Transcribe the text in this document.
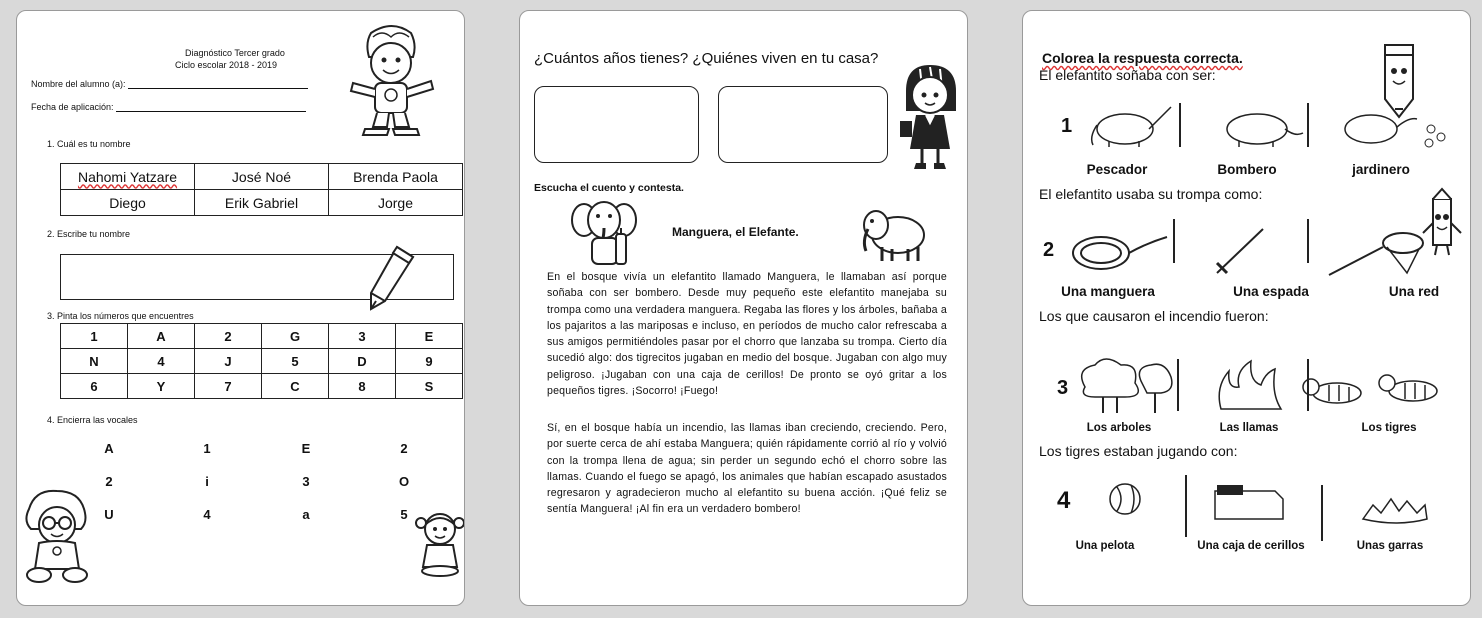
Diagnóstico Tercer grado
Ciclo escolar 2018 - 2019
Nombre del alumno (a):
Fecha de aplicación:
1. Cuál es tu nombre
Nahomi Yatzare	José Noé	Brenda Paola
Diego	Erik Gabriel	Jorge
2. Escribe tu nombre
3. Pinta los números que encuentres
1	A	2	G	3	E
N	4	J	5	D	9
6	Y	7	C	8	S
4. Encierra las vocales
A	1	E	2
2	i	3	O
U	4	a	5
¿Cuántos años tienes? ¿Quiénes viven en tu casa?
Escucha el cuento y contesta.
Manguera, el Elefante.
En el bosque vivía un elefantito llamado Manguera, le llamaban así porque soñaba con ser bombero. Desde muy pequeño este elefantito manejaba su trompa como una verdadera manguera. Regaba las flores y los árboles, bañaba a los pajaritos a las mariposas e incluso, en períodos de mucho calor refrescaba a sus amigos permitiéndoles pasar por el chorro que lanzaba su trompa. Cierto día sucedió algo: dos tigrecitos jugaban en medio del bosque. Jugaban con algo muy peligroso. ¡Jugaban con una caja de cerillos! De pronto se oyó gritar a los pequeños tigres. ¡Socorro! ¡Fuego!
Sí, en el bosque había un incendio, las llamas iban creciendo, creciendo. Pero, por suerte cerca de ahí estaba Manguera; quién rápidamente corrió al río y volvió con la trompa llena de agua; sin perder un segundo echó el chorro sobre las llamas. Cuando el fuego se apagó, los animales que habían escapado asustados regresaron y agradecieron mucho al elefantito su buena acción. ¡Qué feliz se sentía Manguera! ¡Al fin era un verdadero bombero!
Colorea la respuesta correcta.
El elefantito soñaba con ser:
1
Pescador	Bombero	jardinero
El elefantito usaba su trompa como:
2
Una manguera	Una espada	Una red
Los que causaron el incendio fueron:
3
Los arboles	Las llamas	Los tigres
Los tigres estaban jugando con:
4
Una pelota	Una caja de cerillos	Unas garras
